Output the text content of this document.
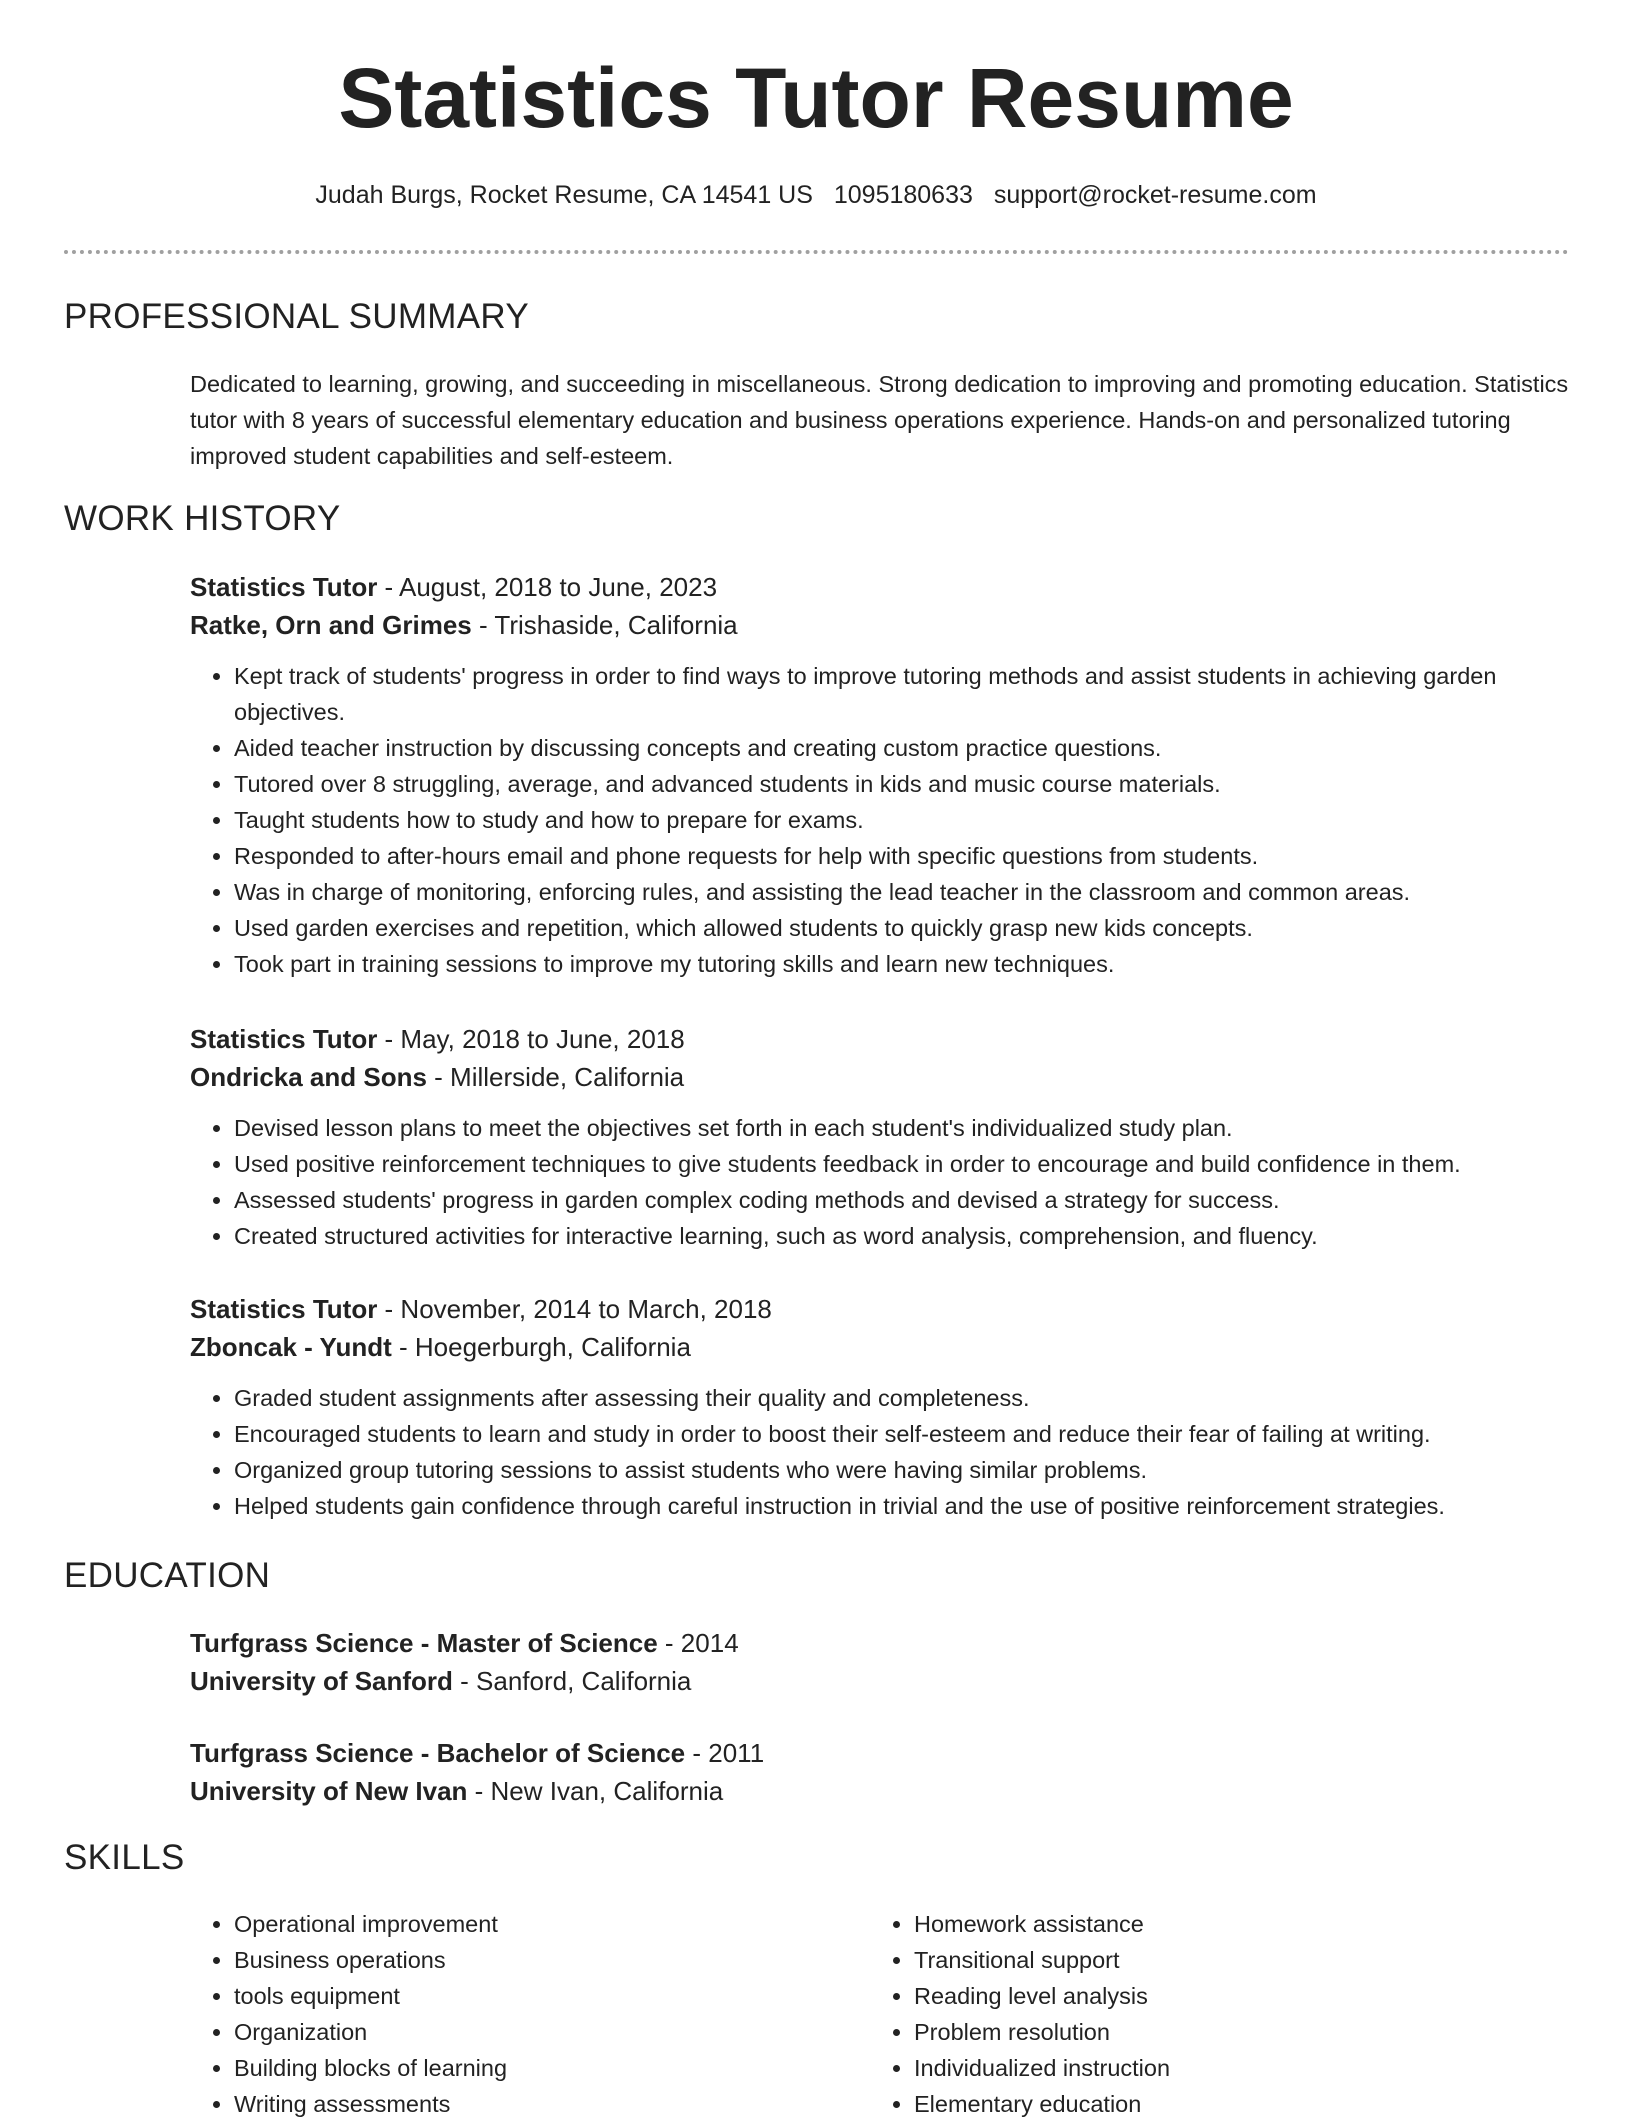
Statistics Tutor Resume
Judah Burgs, Rocket Resume, CA 14541 US 1095180633 support@rocket-resume.com
PROFESSIONAL SUMMARY

Dedicated to learning, growing, and succeeding in miscellaneous. Strong dedication to improving and promoting education. Statistics tutor with 8 years of successful elementary education and business operations experience. Hands-on and personalized tutoring improved student capabilities and self-esteem.

WORK HISTORY
Statistics Tutor - August, 2018 to June, 2023
Ratke, Orn and Grimes - Trishaside, California
• Kept track of students' progress in order to find ways to improve tutoring methods and assist students in achieving garden objectives.
• Aided teacher instruction by discussing concepts and creating custom practice questions.
• Tutored over 8 struggling, average, and advanced students in kids and music course materials.
• Taught students how to study and how to prepare for exams.
• Responded to after-hours email and phone requests for help with specific questions from students.
• Was in charge of monitoring, enforcing rules, and assisting the lead teacher in the classroom and common areas.
• Used garden exercises and repetition, which allowed students to quickly grasp new kids concepts.
• Took part in training sessions to improve my tutoring skills and learn new techniques.
Statistics Tutor - May, 2018 to June, 2018
Ondricka and Sons - Millerside, California
• Devised lesson plans to meet the objectives set forth in each student's individualized study plan.
• Used positive reinforcement techniques to give students feedback in order to encourage and build confidence in them.
• Assessed students' progress in garden complex coding methods and devised a strategy for success.
• Created structured activities for interactive learning, such as word analysis, comprehension, and fluency.
Statistics Tutor - November, 2014 to March, 2018
Zboncak - Yundt - Hoegerburgh, California
• Graded student assignments after assessing their quality and completeness.
• Encouraged students to learn and study in order to boost their self-esteem and reduce their fear of failing at writing.
• Organized group tutoring sessions to assist students who were having similar problems.
• Helped students gain confidence through careful instruction in trivial and the use of positive reinforcement strategies.
EDUCATION
Turfgrass Science - Master of Science - 2014
University of Sanford - Sanford, California
Turfgrass Science - Bachelor of Science - 2011
University of New Ivan - New Ivan, California
SKILLS
• Operational improvement
• Business operations
• tools equipment
• Organization
• Building blocks of learning
• Writing assessments
• Homework assistance
• Transitional support
• Reading level analysis
• Problem resolution
• Individualized instruction
• Elementary education
